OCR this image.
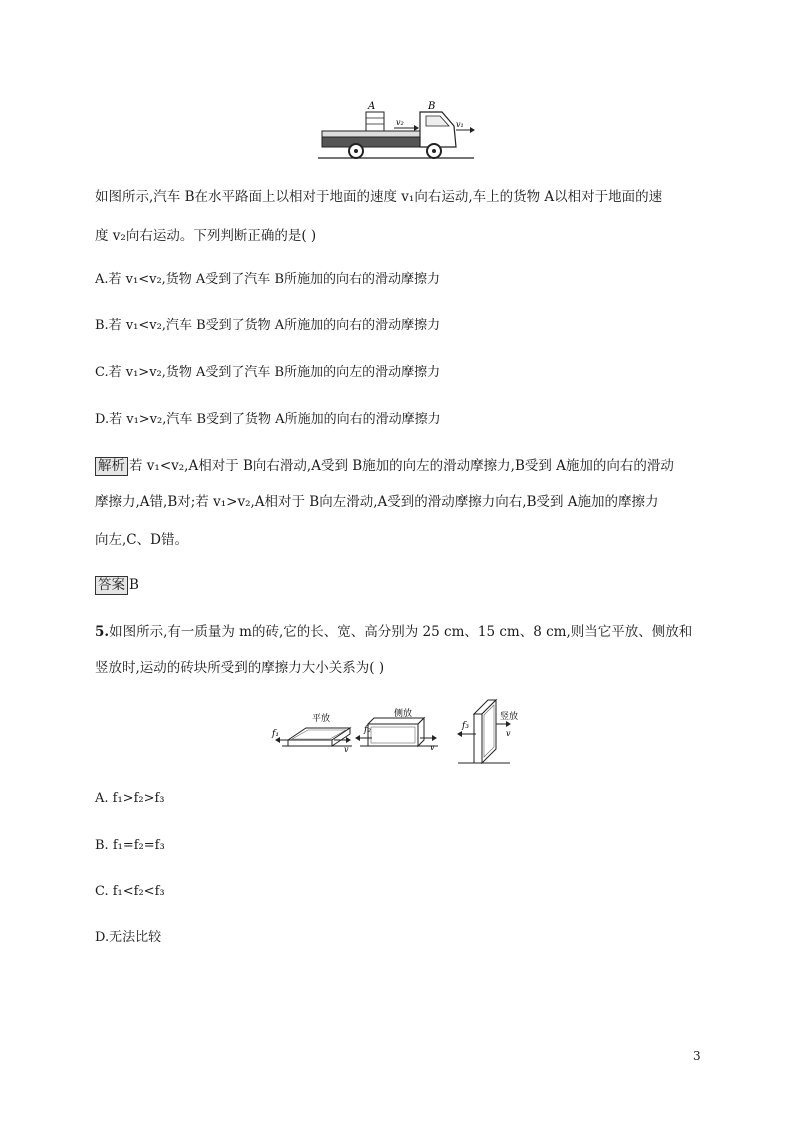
A	B
v₂	v₁
如图所示,汽车 B在水平路面上以相对于地面的速度 v₁向右运动,车上的货物 A以相对于地面的速
度 v₂向右运动。下列判断正确的是( )
A.若 v₁<v₂,货物 A受到了汽车 B所施加的向右的滑动摩擦力
B.若 v₁<v₂,汽车 B受到了货物 A所施加的向右的滑动摩擦力
C.若 v₁>v₂,货物 A受到了汽车 B所施加的向左的滑动摩擦力
D.若 v₁>v₂,汽车 B受到了货物 A所施加的向右的滑动摩擦力
解析 若 v₁<v₂,A相对于 B向右滑动,A受到 B施加的向左的滑动摩擦力,B受到 A施加的向右的滑动
摩擦力,A错,B对;若 v₁>v₂,A相对于 B向左滑动,A受到的滑动摩擦力向右,B受到 A施加的摩擦力
向左,C、D错。
答案 B
5.如图所示,有一质量为 m的砖,它的长、宽、高分别为 25 cm、15 cm、8 cm,则当它平放、侧放和
竖放时,运动的砖块所受到的摩擦力大小关系为( )
平放	侧放	竖放
f₁	f₂	f₃
v	v
v
A. f₁>f₂>f₃
B. f₁=f₂=f₃
C. f₁<f₂<f₃
D.无法比较
3
